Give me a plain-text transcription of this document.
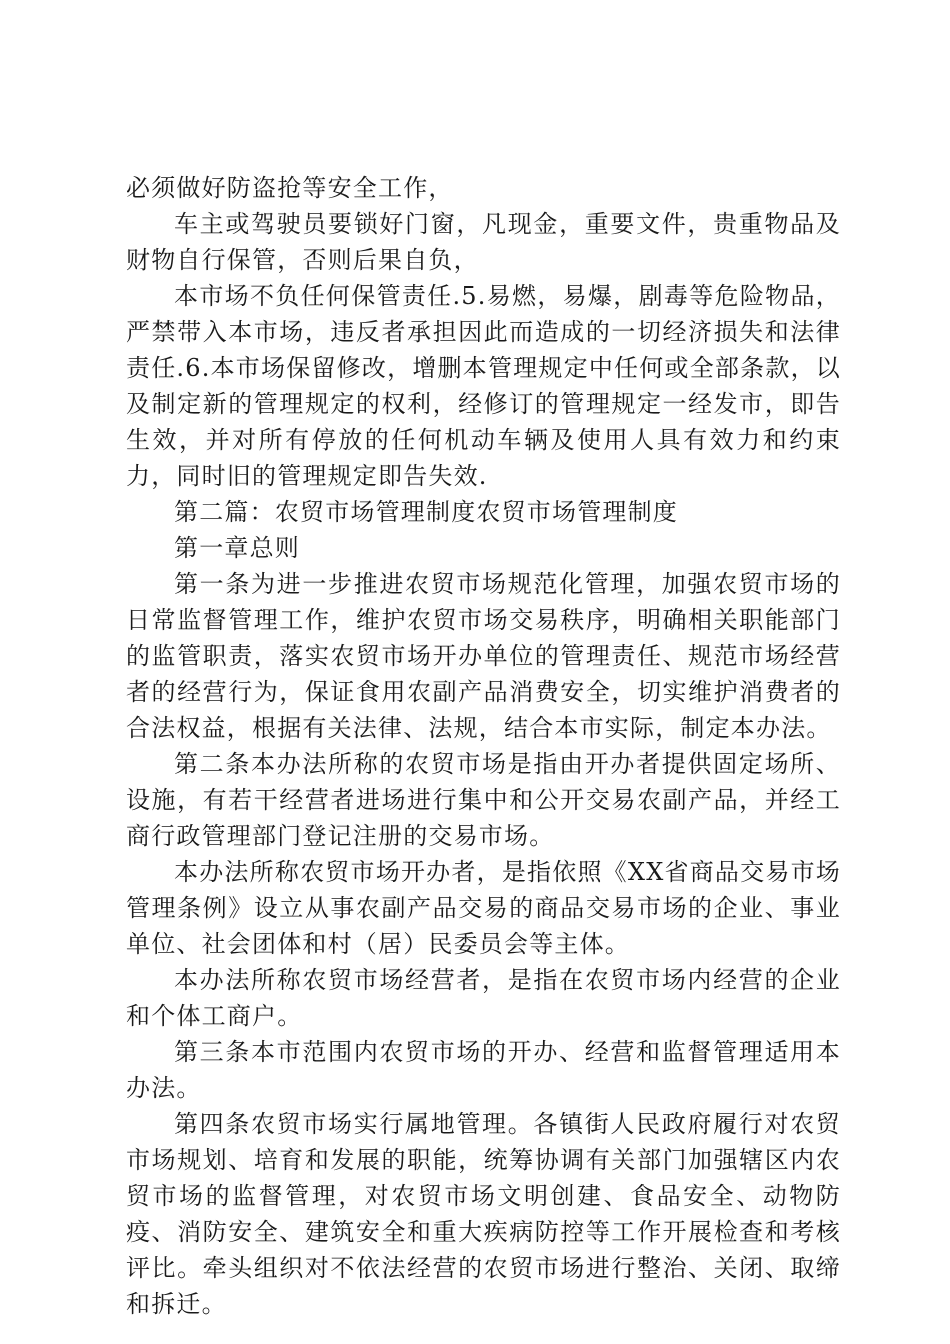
必须做好防盗抢等安全工作，

车主或驾驶员要锁好门窗，凡现金，重要文件，贵重物品及财物自行保管，否则后果自负，

本市场不负任何保管责任.5.易燃，易爆，剧毒等危险物品，严禁带入本市场，违反者承担因此而造成的一切经济损失和法律责任.6.本市场保留修改，增删本管理规定中任何或全部条款，以及制定新的管理规定的权利，经修订的管理规定一经发市，即告生效，并对所有停放的任何机动车辆及使用人具有效力和约束力，同时旧的管理规定即告失效.

第二篇：农贸市场管理制度农贸市场管理制度

第一章总则

第一条为进一步推进农贸市场规范化管理，加强农贸市场的日常监督管理工作，维护农贸市场交易秩序，明确相关职能部门的监管职责，落实农贸市场开办单位的管理责任、规范市场经营者的经营行为，保证食用农副产品消费安全，切实维护消费者的合法权益，根据有关法律、法规，结合本市实际，制定本办法。

第二条本办法所称的农贸市场是指由开办者提供固定场所、设施，有若干经营者进场进行集中和公开交易农副产品，并经工商行政管理部门登记注册的交易市场。

本办法所称农贸市场开办者，是指依照《XX省商品交易市场管理条例》设立从事农副产品交易的商品交易市场的企业、事业单位、社会团体和村（居）民委员会等主体。

本办法所称农贸市场经营者，是指在农贸市场内经营的企业和个体工商户。

第三条本市范围内农贸市场的开办、经营和监督管理适用本办法。

第四条农贸市场实行属地管理。各镇街人民政府履行对农贸市场规划、培育和发展的职能，统筹协调有关部门加强辖区内农贸市场的监督管理，对农贸市场文明创建、食品安全、动物防疫、消防安全、建筑安全和重大疾病防控等工作开展检查和考核评比。牵头组织对不依法经营的农贸市场进行整治、关闭、取缔和拆迁。
